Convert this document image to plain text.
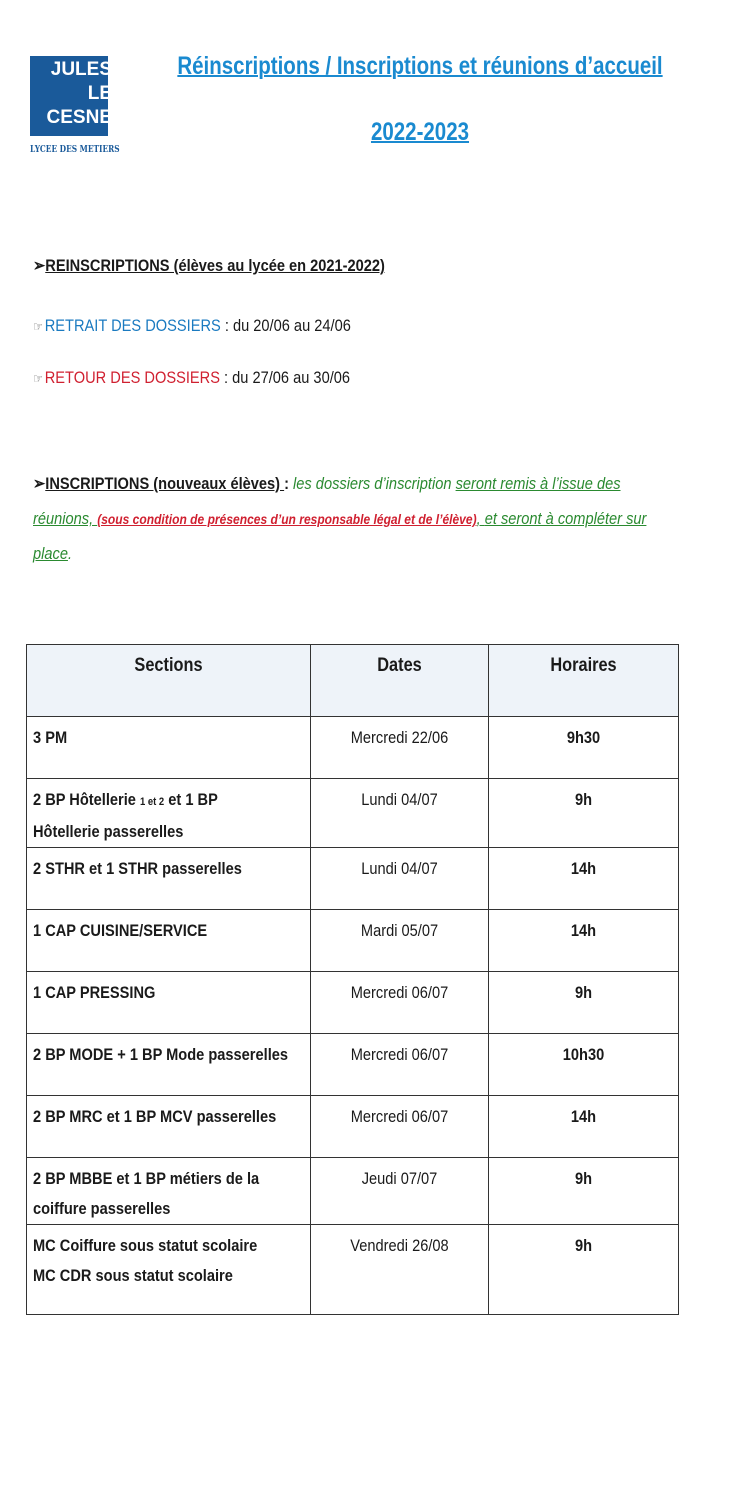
JULES
LE
CESNE
LYCEE DES METIERS
Réinscriptions / Inscriptions et réunions d’accueil
2022-2023
➢REINSCRIPTIONS (élèves au lycée en 2021-2022)
☞ RETRAIT DES DOSSIERS : du 20/06 au 24/06
☞ RETOUR DES DOSSIERS : du 27/06 au 30/06
➢INSCRIPTIONS (nouveaux élèves) : les dossiers d’inscription seront remis à l’issue des
réunions, (sous condition de présences d’un responsable légal et de l’élève), et seront à compléter sur
place.
Sections	Dates	Horaires

3 PM	Mercredi 22/06	9h30

2 BP Hôtellerie 1 et 2 et 1 BP
Hôtellerie passerelles	Lundi 04/07	9h

2 STHR et 1 STHR passerelles	Lundi 04/07	14h

1 CAP CUISINE/SERVICE	Mardi 05/07	14h

1 CAP PRESSING	Mercredi 06/07	9h

2 BP MODE + 1 BP Mode passerelles	Mercredi 06/07	10h30

2 BP MRC et 1 BP MCV passerelles	Mercredi 06/07	14h

2 BP MBBE et 1 BP métiers de la
coiffure passerelles	Jeudi 07/07	9h

MC Coiffure sous statut scolaire
MC CDR sous statut scolaire	Vendredi 26/08	9h
